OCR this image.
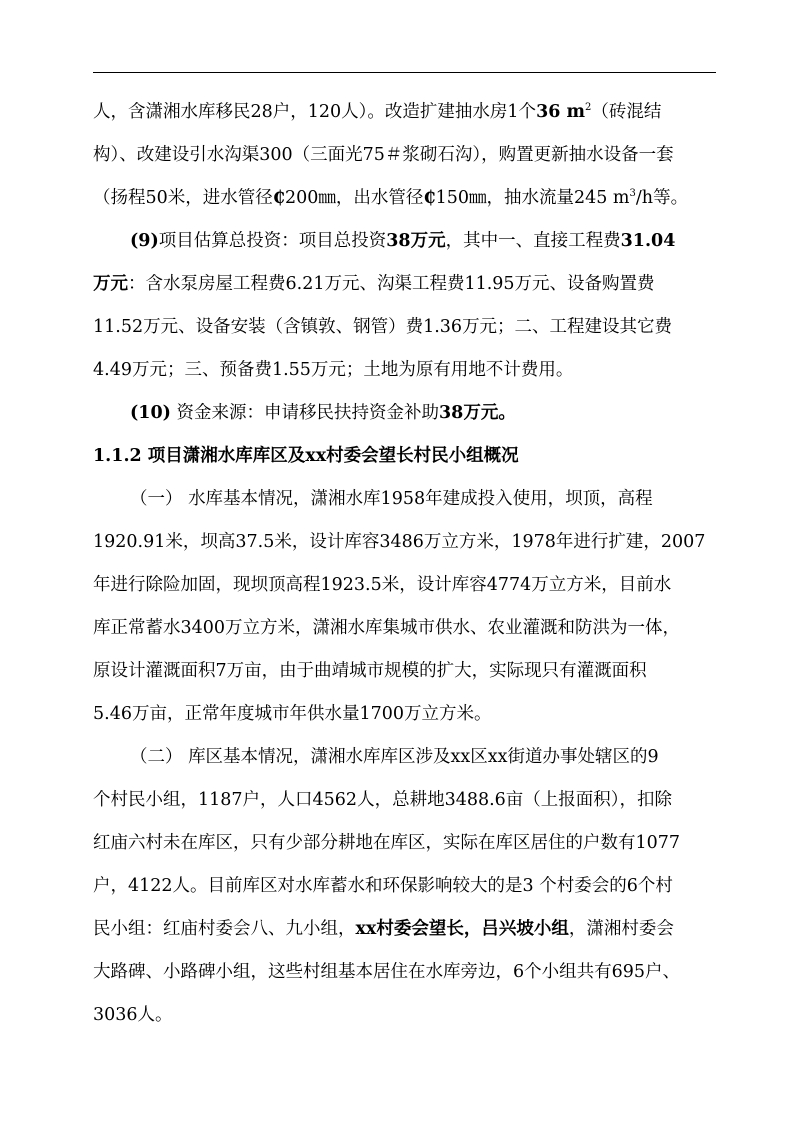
人，含潇湘水库移民28户，120人）。改造扩建抽水房1个36 $m^2$（砖混结
构）、改建设引水沟渠300（三面光75＃浆砌石沟），购置更新抽水设备一套
（扬程50米，进水管径₵200㎜，出水管径₵150㎜，抽水流量245 $m^3/h$等。
(9)项目估算总投资：项目总投资38万元，其中一、直接工程费31.04
万元：含水泵房屋工程费6.21万元、沟渠工程费11.95万元、设备购置费
11.52万元、设备安装（含镇敦、钢管）费1.36万元；二、工程建设其它费
4.49万元；三、预备费1.55万元；土地为原有用地不计费用。
(10) 资金来源：申请移民扶持资金补助38万元。
1.1.2 项目潇湘水库库区及xx村委会望长村民小组概况
（一） 水库基本情况，潇湘水库1958年建成投入使用，坝顶，高程
1920.91米，坝高37.5米，设计库容3486万立方米，1978年进行扩建，2007
年进行除险加固，现坝顶高程1923.5米，设计库容4774万立方米，目前水
库正常蓄水3400万立方米，潇湘水库集城市供水、农业灌溉和防洪为一体，
原设计灌溉面积7万亩，由于曲靖城市规模的扩大，实际现只有灌溉面积
5.46万亩，正常年度城市年供水量1700万立方米。
（二） 库区基本情况，潇湘水库库区涉及xx区xx街道办事处辖区的9
个村民小组，1187户，人口4562人，总耕地3488.6亩（上报面积），扣除
红庙六村未在库区，只有少部分耕地在库区，实际在库区居住的户数有1077
户，4122人。目前库区对水库蓄水和环保影响较大的是3 个村委会的6个村
民小组：红庙村委会八、九小组，xx村委会望长，吕兴坡小组，潇湘村委会
大路碑、小路碑小组，这些村组基本居住在水库旁边，6个小组共有695户、
3036人。
